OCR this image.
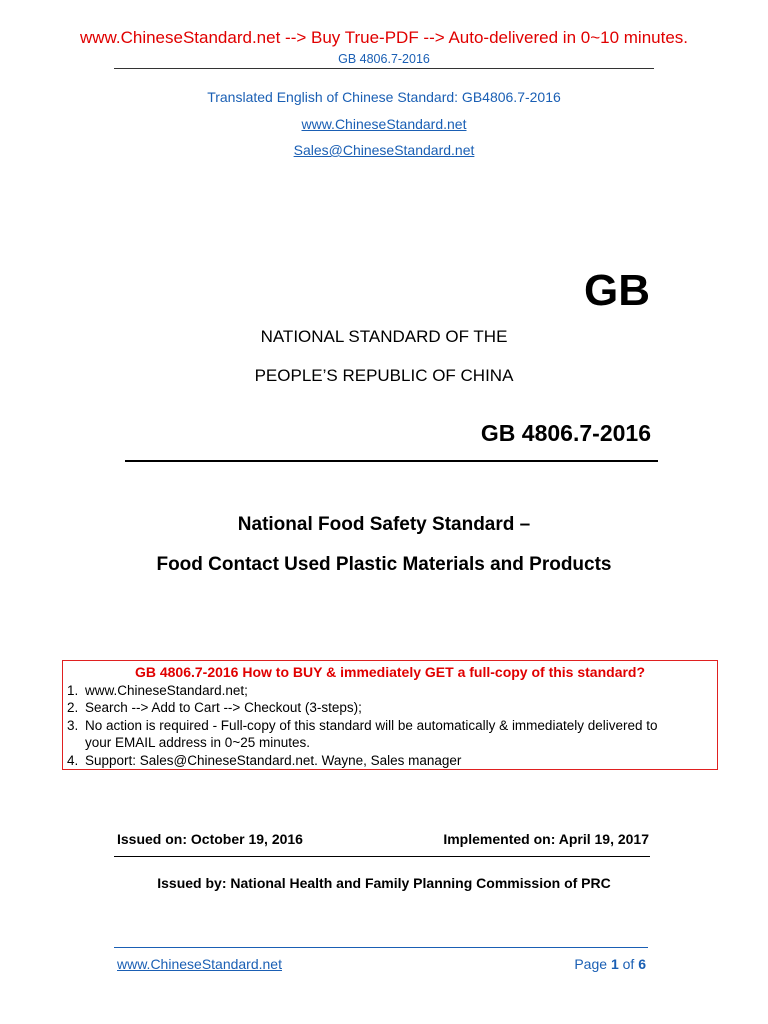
www.ChineseStandard.net --> Buy True-PDF --> Auto-delivered in 0~10 minutes.
GB 4806.7-2016
Translated English of Chinese Standard: GB4806.7-2016
www.ChineseStandard.net
Sales@ChineseStandard.net
GB
NATIONAL STANDARD OF THE
PEOPLE’S REPUBLIC OF CHINA
GB 4806.7-2016
National Food Safety Standard –
Food Contact Used Plastic Materials and Products
GB 4806.7-2016 How to BUY & immediately GET a full-copy of this standard?
1. www.ChineseStandard.net;
2. Search --> Add to Cart --> Checkout (3-steps);
3. No action is required - Full-copy of this standard will be automatically & immediately delivered to
your EMAIL address in 0~25 minutes.
4. Support: Sales@ChineseStandard.net. Wayne, Sales manager
Issued on: October 19, 2016	Implemented on: April 19, 2017
Issued by: National Health and Family Planning Commission of PRC
www.ChineseStandard.net	Page 1 of 6
